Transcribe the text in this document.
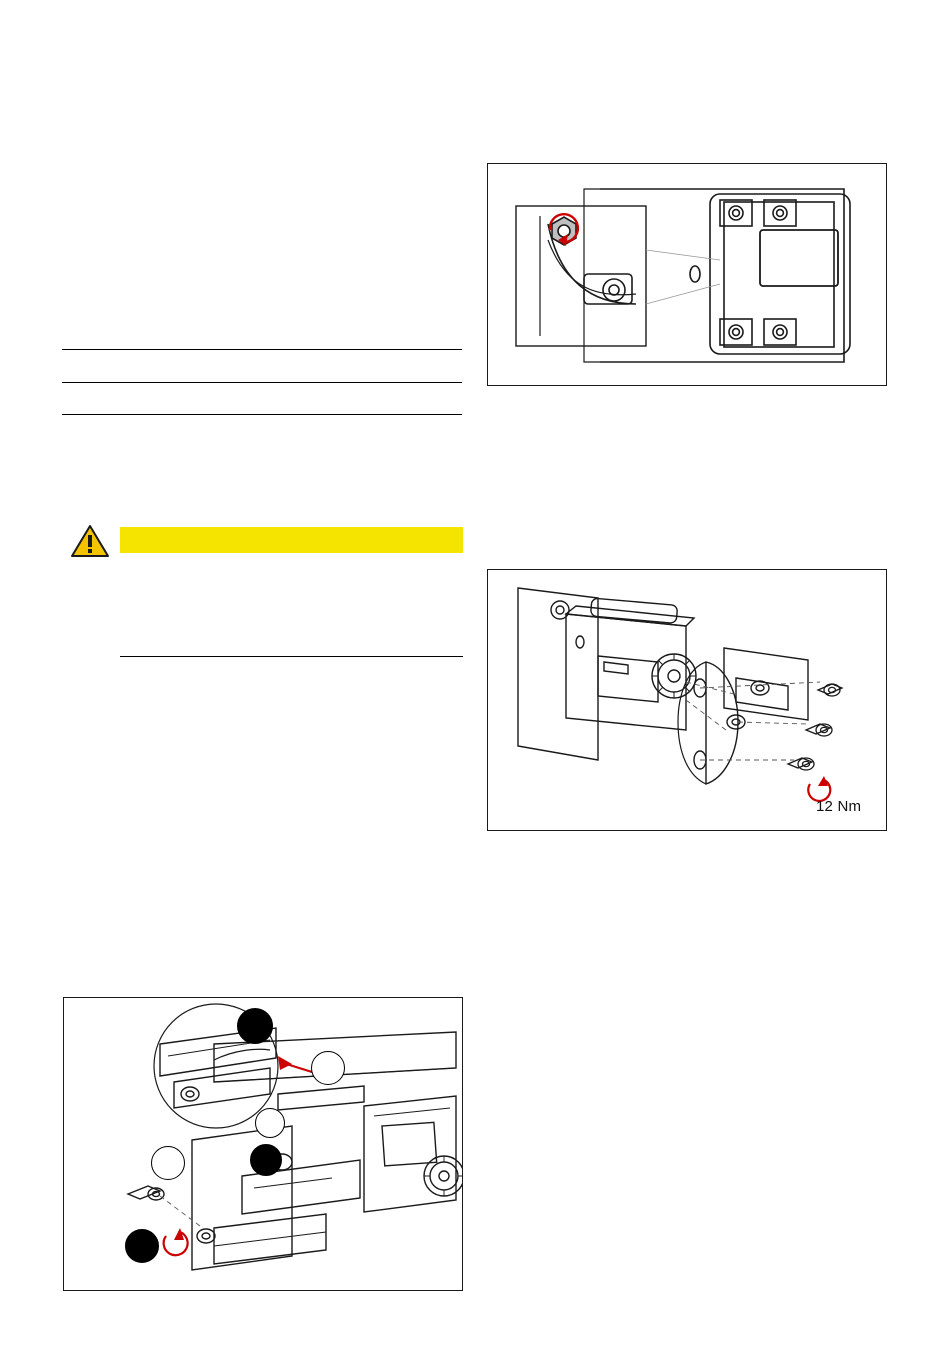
12 Nm
